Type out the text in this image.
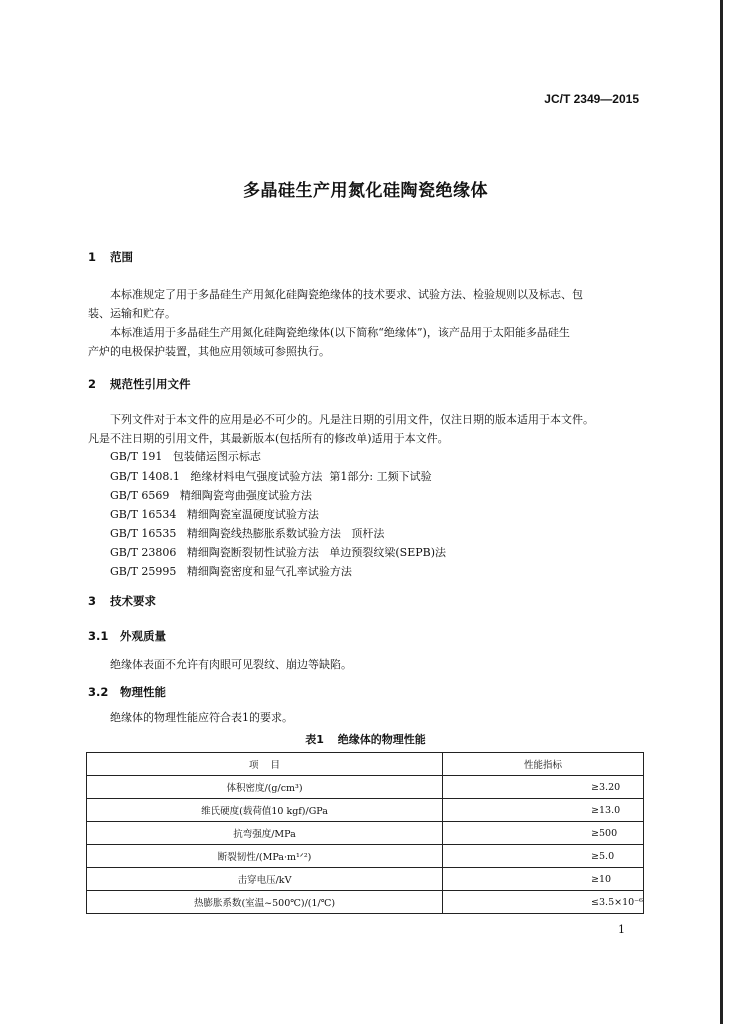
JC/T 2349—2015
多晶硅生产用氮化硅陶瓷绝缘体
1 范围
本标准规定了用于多晶硅生产用氮化硅陶瓷绝缘体的技术要求、试验方法、检验规则以及标志、包
装、运输和贮存。
本标准适用于多晶硅生产用氮化硅陶瓷绝缘体(以下简称“绝缘体”)，该产品用于太阳能多晶硅生
产炉的电极保护装置，其他应用领域可参照执行。
2 规范性引用文件
下列文件对于本文件的应用是必不可少的。凡是注日期的引用文件，仅注日期的版本适用于本文件。
凡是不注日期的引用文件，其最新版本(包括所有的修改单)适用于本文件。
GB/T 191   包装储运图示标志
GB/T 1408.1   绝缘材料电气强度试验方法  第1部分: 工频下试验
GB/T 6569   精细陶瓷弯曲强度试验方法
GB/T 16534   精细陶瓷室温硬度试验方法
GB/T 16535   精细陶瓷线热膨胀系数试验方法   顶杆法
GB/T 23806   精细陶瓷断裂韧性试验方法   单边预裂纹梁(SEPB)法
GB/T 25995   精细陶瓷密度和显气孔率试验方法
3 技术要求
3.1 外观质量
绝缘体表面不允许有肉眼可见裂纹、崩边等缺陷。
3.2 物理性能
绝缘体的物理性能应符合表1的要求。
表1 绝缘体的物理性能
项    目	性能指标
体积密度/(g/cm³)	≥3.20
维氏硬度(载荷值10 kgf)/GPa	≥13.0
抗弯强度/MPa	≥500
断裂韧性/(MPa·m¹ᐟ²)	≥5.0
击穿电压/kV	≥10
热膨胀系数(室温~500℃)/(1/℃)	≤3.5×10⁻⁶
1
